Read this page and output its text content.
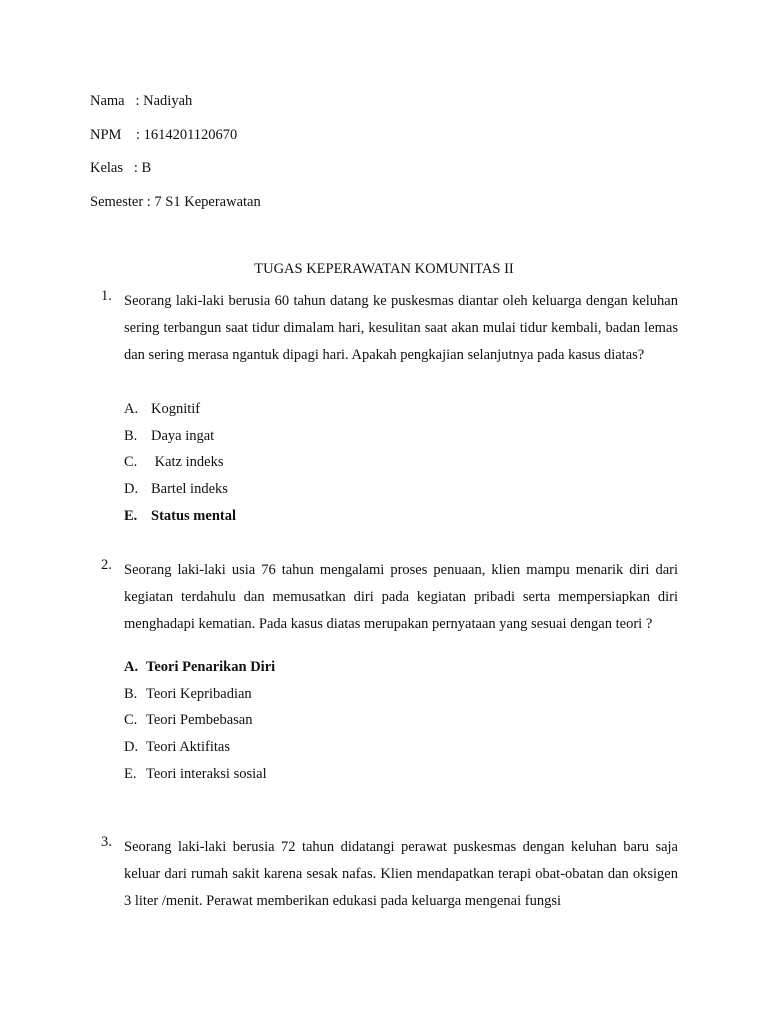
Nama   : Nadiyah
NPM    : 1614201120670
Kelas   : B
Semester : 7 S1 Keperawatan
TUGAS KEPERAWATAN KOMUNITAS II
1. Seorang laki-laki berusia 60 tahun datang ke puskesmas diantar oleh keluarga dengan keluhan sering terbangun saat tidur dimalam hari, kesulitan saat akan mulai tidur kembali, badan lemas dan sering merasa ngantuk dipagi hari. Apakah pengkajian selanjutnya pada kasus diatas?
A. Kognitif
B. Daya ingat
C. Katz indeks
D. Bartel indeks
E. Status mental
2. Seorang laki-laki usia 76 tahun mengalami proses penuaan, klien mampu menarik diri dari kegiatan terdahulu dan memusatkan diri pada kegiatan pribadi serta mempersiapkan diri menghadapi kematian. Pada kasus diatas merupakan pernyataan yang sesuai dengan teori ?
A. Teori Penarikan Diri
B. Teori Kepribadian
C. Teori Pembebasan
D. Teori Aktifitas
E. Teori interaksi sosial
3. Seorang laki-laki berusia 72 tahun didatangi perawat puskesmas dengan keluhan baru saja keluar dari rumah sakit karena sesak nafas. Klien mendapatkan terapi obat-obatan dan oksigen 3 liter /menit. Perawat memberikan edukasi pada keluarga mengenai fungsi
